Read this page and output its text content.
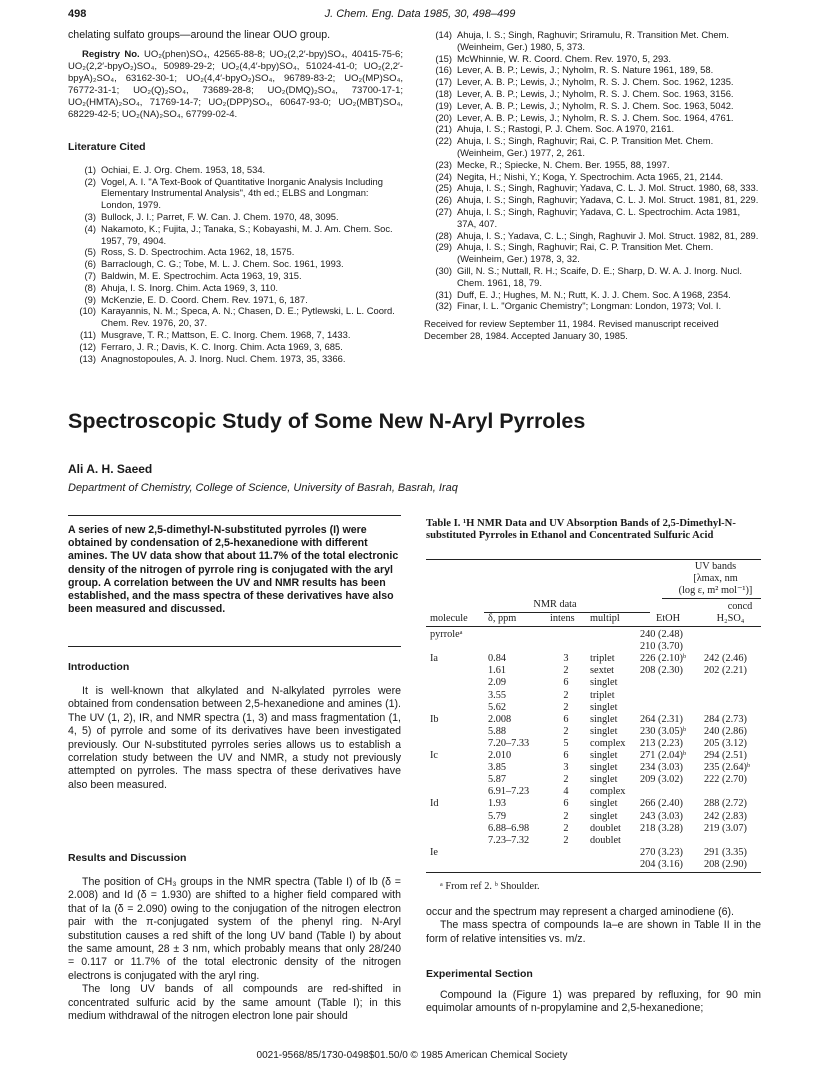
498	J. Chem. Eng. Data 1985, 30, 498–499
chelating sulfato groups—around the linear OUO group.
Registry No. UO₂(phen)SO₄, 42565-88-8; UO₂(2,2′-bpy)SO₄, 40415-75-6; UO₂(2,2′-bpyO₂)SO₄, 50989-29-2; UO₂(4,4′-bpy)SO₄, 51024-41-0; UO₂(2,2′-bpyA)₂SO₄, 63162-30-1; UO₂(4,4′-bpyO₂)SO₄, 96789-83-2; UO₂(MP)SO₄, 76772-31-1; UO₂(Q)₂SO₄, 73689-28-8; UO₂(DMQ)₂SO₄, 73700-17-1; UO₂(HMTA)₂SO₄, 71769-14-7; UO₂(DPP)SO₄, 60647-93-0; UO₂(MBT)SO₄, 68229-42-5; UO₂(NA)₂SO₄, 67799-02-4.
Literature Cited
(1) Ochiai, E. J. Org. Chem. 1953, 18, 534.
(2) Vogel, A. I. "A Text-Book of Quantitative Inorganic Analysis Including Elementary Instrumental Analysis", 4th ed.; ELBS and Longman: London, 1979.
(3) Bullock, J. I.; Parret, F. W. Can. J. Chem. 1970, 48, 3095.
(4) Nakamoto, K.; Fujita, J.; Tanaka, S.; Kobayashi, M. J. Am. Chem. Soc. 1957, 79, 4904.
(5) Ross, S. D. Spectrochim. Acta 1962, 18, 1575.
(6) Barraclough, C. G.; Tobe, M. L. J. Chem. Soc. 1961, 1993.
(7) Baldwin, M. E. Spectrochim. Acta 1963, 19, 315.
(8) Ahuja, I. S. Inorg. Chim. Acta 1969, 3, 110.
(9) McKenzie, E. D. Coord. Chem. Rev. 1971, 6, 187.
(10) Karayannis, N. M.; Speca, A. N.; Chasen, D. E.; Pytlewski, L. L. Coord. Chem. Rev. 1976, 20, 37.
(11) Musgrave, T. R.; Mattson, E. C. Inorg. Chem. 1968, 7, 1433.
(12) Ferraro, J. R.; Davis, K. C. Inorg. Chim. Acta 1969, 3, 685.
(13) Anagnostopoules, A. J. Inorg. Nucl. Chem. 1973, 35, 3366.
(14) Ahuja, I. S.; Singh, Raghuvir; Sriramulu, R. Transition Met. Chem. (Weinheim, Ger.) 1980, 5, 373.
(15) McWhinnie, W. R. Coord. Chem. Rev. 1970, 5, 293.
(16) Lever, A. B. P.; Lewis, J.; Nyholm, R. S. Nature 1961, 189, 58.
(17) Lever, A. B. P.; Lewis, J.; Nyholm, R. S. J. Chem. Soc. 1962, 1235.
(18) Lever, A. B. P.; Lewis, J.; Nyholm, R. S. J. Chem. Soc. 1963, 3156.
(19) Lever, A. B. P.; Lewis, J.; Nyholm, R. S. J. Chem. Soc. 1963, 5042.
(20) Lever, A. B. P.; Lewis, J.; Nyholm, R. S. J. Chem. Soc. 1964, 4761.
(21) Ahuja, I. S.; Rastogi, P. J. Chem. Soc. A 1970, 2161.
(22) Ahuja, I. S.; Singh, Raghuvir; Rai, C. P. Transition Met. Chem. (Weinheim, Ger.) 1977, 2, 261.
(23) Mecke, R.; Spiecke, N. Chem. Ber. 1955, 88, 1997.
(24) Negita, H.; Nishi, Y.; Koga, Y. Spectrochim. Acta 1965, 21, 2144.
(25) Ahuja, I. S.; Singh, Raghuvir; Yadava, C. L. J. Mol. Struct. 1980, 68, 333.
(26) Ahuja, I. S.; Singh, Raghuvir; Yadava, C. L. J. Mol. Struct. 1981, 81, 229.
(27) Ahuja, I. S.; Singh, Raghuvir; Yadava, C. L. Spectrochim. Acta 1981, 37A, 407.
(28) Ahuja, I. S.; Yadava, C. L.; Singh, Raghuvir J. Mol. Struct. 1982, 81, 289.
(29) Ahuja, I. S.; Singh, Raghuvir; Rai, C. P. Transition Met. Chem. (Weinheim, Ger.) 1978, 3, 32.
(30) Gill, N. S.; Nuttall, R. H.; Scaife, D. E.; Sharp, D. W. A. J. Inorg. Nucl. Chem. 1961, 18, 79.
(31) Duff, E. J.; Hughes, M. N.; Rutt, K. J. J. Chem. Soc. A 1968, 2354.
(32) Finar, I. L. "Organic Chemistry"; Longman: London, 1973; Vol. I.
Received for review September 11, 1984. Revised manuscript received December 28, 1984. Accepted January 30, 1985.
Spectroscopic Study of Some New N-Aryl Pyrroles
Ali A. H. Saeed
Department of Chemistry, College of Science, University of Basrah, Basrah, Iraq
A series of new 2,5-dimethyl-N-substituted pyrroles (I) were obtained by condensation of 2,5-hexanedione with different amines. The UV data show that about 11.7% of the total electronic density of the nitrogen of pyrrole ring is conjugated with the aryl group. A correlation between the UV and NMR results has been established, and the mass spectra of these derivatives have also been measured and discussed.
Introduction

It is well-known that alkylated and N-alkylated pyrroles were obtained from condensation between 2,5-hexanedione and amines (1). The UV (1, 2), IR, and NMR spectra (1, 3) and mass fragmentation (1, 4, 5) of pyrrole and some of its derivatives have been investigated previously. Our N-substituted pyrroles series allows us to establish a correlation study between the UV and NMR, a study not previously attempted on pyrroles. The mass spectra of these derivatives have also been measured.

Results and Discussion

The position of CH₃ groups in the NMR spectra (Table I) of Ib (δ = 2.008) and Id (δ = 1.930) are shifted to a higher field compared with that of Ia (δ = 2.090) owing to the conjugation of the nitrogen electron pair with the π-conjugated system of the phenyl ring. N-Aryl substitution causes a red shift of the long UV band (Table I) by about the same amount, 28 ± 3 nm, which probably means that only 28/240 = 0.117 or 11.7% of the total electronic density of the nitrogen electrons is conjugated with the aryl ring.

The long UV bands of all compounds are red-shifted in concentrated sulfuric acid by the same amount (Table I); in this medium withdrawal of the nitrogen electron lone pair should

Table I. ¹H NMR Data and UV Absorption Bands of 2,5-Dimethyl-N-substituted Pyrroles in Ethanol and Concentrated Sulfuric Acid
UV bands
[λmax, nm
(log ε, m² mol⁻¹)]
NMR data	concd
molecule	δ, ppm	intens	multipl	EtOH	H₂SO₄
pyrroleᵃ				240 (2.48)	
				210 (3.70)	
Ia	0.84	3	triplet	226 (2.10)ᵇ	242 (2.46)
	1.61	2	sextet	208 (2.30)	202 (2.21)
	2.09	6	singlet		
	3.55	2	triplet		
	5.62	2	singlet		
Ib	2.008	6	singlet	264 (2.31)	284 (2.73)
	5.88	2	singlet	230 (3.05)ᵇ	240 (2.86)
	7.20–7.33	5	complex	213 (2.23)	205 (3.12)
Ic	2.010	6	singlet	271 (2.04)ᵇ	294 (2.51)
	3.85	3	singlet	234 (3.03)	235 (2.64)ᵇ
	5.87	2	singlet	209 (3.02)	222 (2.70)
	6.91–7.23	4	complex		
Id	1.93	6	singlet	266 (2.40)	288 (2.72)
	5.79	2	singlet	243 (3.03)	242 (2.83)
	6.88–6.98	2	doublet	218 (3.28)	219 (3.07)
	7.23–7.32	2	doublet		
Ie				270 (3.23)	291 (3.35)
				204 (3.16)	208 (2.90)
ᵃ From ref 2. ᵇ Shoulder.

occur and the spectrum may represent a charged aminodiene (6).

The mass spectra of compounds Ia–e are shown in Table II in the form of relative intensities vs. m/z.

Experimental Section

Compound Ia (Figure 1) was prepared by refluxing, for 90 min equimolar amounts of n-propylamine and 2,5-hexanedione;

0021-9568/85/1730-0498$01.50/0 © 1985 American Chemical Society
